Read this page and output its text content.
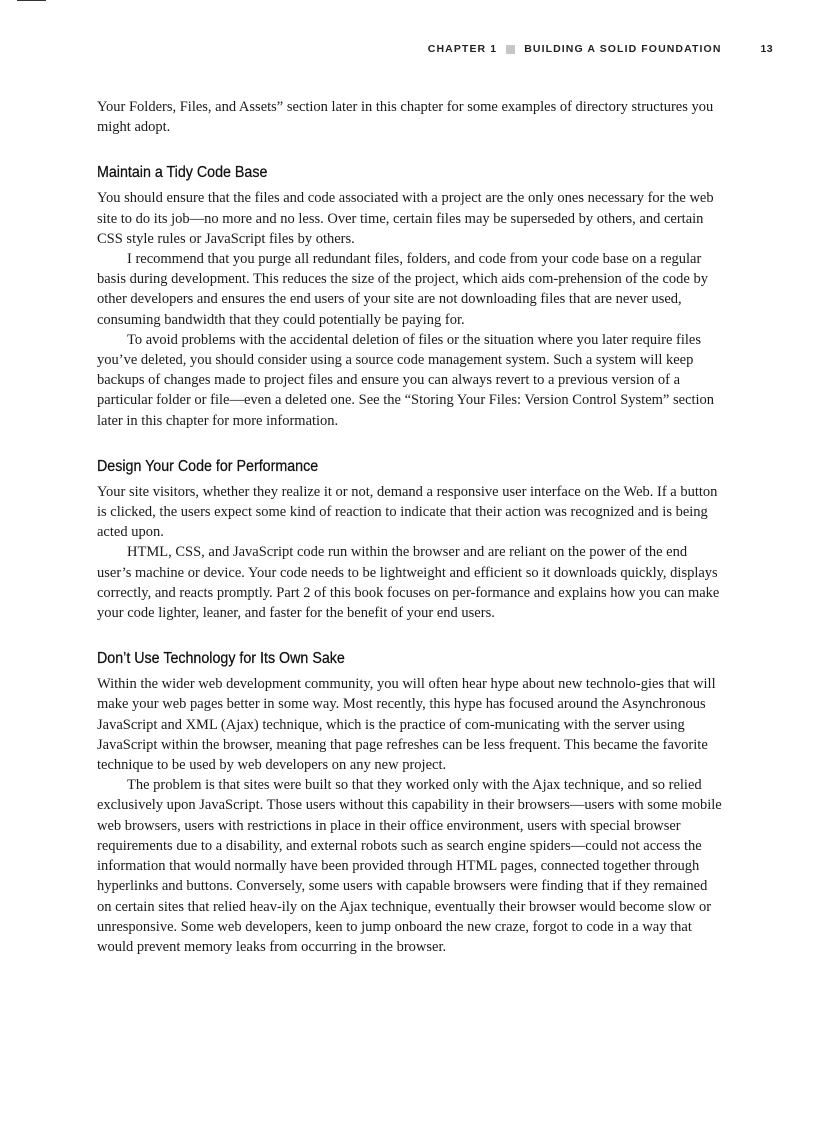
CHAPTER 1	BUILDING A SOLID FOUNDATION	13

Your Folders, Files, and Assets” section later in this chapter for some examples of directory structures you might adopt.

Maintain a Tidy Code Base

You should ensure that the files and code associated with a project are the only ones necessary for the web site to do its job—no more and no less. Over time, certain files may be superseded by others, and certain CSS style rules or JavaScript files by others.

I recommend that you purge all redundant files, folders, and code from your code base on a regular basis during development. This reduces the size of the project, which aids com-prehension of the code by other developers and ensures the end users of your site are not downloading files that are never used, consuming bandwidth that they could potentially be paying for.

To avoid problems with the accidental deletion of files or the situation where you later require files you’ve deleted, you should consider using a source code management system. Such a system will keep backups of changes made to project files and ensure you can always revert to a previous version of a particular folder or file—even a deleted one. See the “Storing Your Files: Version Control System” section later in this chapter for more information.

Design Your Code for Performance

Your site visitors, whether they realize it or not, demand a responsive user interface on the Web. If a button is clicked, the users expect some kind of reaction to indicate that their action was recognized and is being acted upon.

HTML, CSS, and JavaScript code run within the browser and are reliant on the power of the end user’s machine or device. Your code needs to be lightweight and efficient so it downloads quickly, displays correctly, and reacts promptly. Part 2 of this book focuses on per-formance and explains how you can make your code lighter, leaner, and faster for the benefit of your end users.

Don’t Use Technology for Its Own Sake

Within the wider web development community, you will often hear hype about new technolo-gies that will make your web pages better in some way. Most recently, this hype has focused around the Asynchronous JavaScript and XML (Ajax) technique, which is the practice of com-municating with the server using JavaScript within the browser, meaning that page refreshes can be less frequent. This became the favorite technique to be used by web developers on any new project.

The problem is that sites were built so that they worked only with the Ajax technique, and so relied exclusively upon JavaScript. Those users without this capability in their browsers—users with some mobile web browsers, users with restrictions in place in their office environment, users with special browser requirements due to a disability, and external robots such as search engine spiders—could not access the information that would normally have been provided through HTML pages, connected together through hyperlinks and buttons. Conversely, some users with capable browsers were finding that if they remained on certain sites that relied heav-ily on the Ajax technique, eventually their browser would become slow or unresponsive. Some web developers, keen to jump onboard the new craze, forgot to code in a way that would prevent memory leaks from occurring in the browser.
